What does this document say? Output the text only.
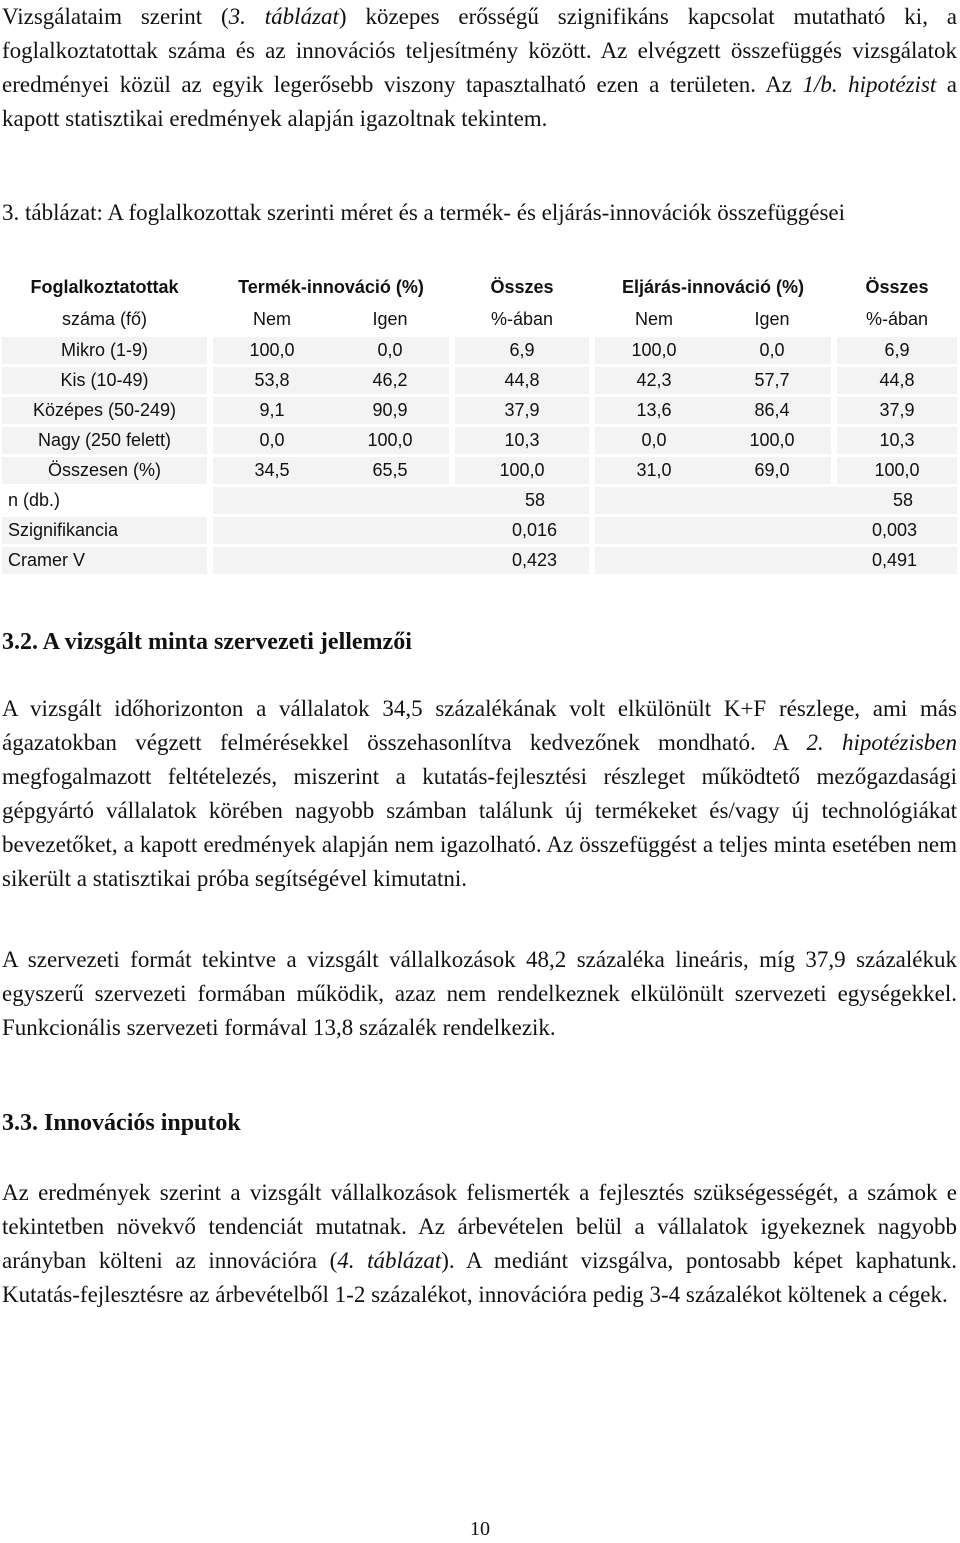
Vizsgálataim szerint (3. táblázat) közepes erősségű szignifikáns kapcsolat mutatható ki, a foglalkoztatottak száma és az innovációs teljesítmény között. Az elvégzett összefüggés vizsgálatok eredményei közül az egyik legerősebb viszony tapasztalható ezen a területen. Az 1/b. hipotézist a kapott statisztikai eredmények alapján igazoltnak tekintem.

3. táblázat: A foglalkozottak szerinti méret és a termék- és eljárás-innovációk összefüggései
Foglalkoztatottak		Termék-innováció (%)			Összes		Eljárás-innováció (%)			Összes
száma (fő)		Nem	Igen		%-ában		Nem	Igen		%-ában
Mikro (1-9)		100,0	0,0		6,9		100,0	0,0		6,9
Kis (10-49)		53,8	46,2		44,8		42,3	57,7		44,8
Középes (50-249)		9,1	90,9		37,9		13,6	86,4		37,9
Nagy (250 felett)		0,0	100,0		10,3		0,0	100,0		10,3
Összesen (%)		34,5	65,5		100,0		31,0	69,0		100,0
n (db.)		58					58			
Szignifikancia		0,016					0,003			
Cramer V		0,423					0,491			
3.2. A vizsgált minta szervezeti jellemzői

A vizsgált időhorizonton a vállalatok 34,5 százalékának volt elkülönült K+F részlege, ami más ágazatokban végzett felmérésekkel összehasonlítva kedvezőnek mondható. A 2. hipotézisben megfogalmazott feltételezés, miszerint a kutatás-fejlesztési részleget működtető mezőgazdasági gépgyártó vállalatok körében nagyobb számban találunk új termékeket és/vagy új technológiákat bevezetőket, a kapott eredmények alapján nem igazolható. Az összefüggést a teljes minta esetében nem sikerült a statisztikai próba segítségével kimutatni.

A szervezeti formát tekintve a vizsgált vállalkozások 48,2 százaléka lineáris, míg 37,9 százalékuk egyszerű szervezeti formában működik, azaz nem rendelkeznek elkülönült szervezeti egységekkel. Funkcionális szervezeti formával 13,8 százalék rendelkezik.

3.3. Innovációs inputok

Az eredmények szerint a vizsgált vállalkozások felismerték a fejlesztés szükségességét, a számok e tekintetben növekvő tendenciát mutatnak. Az árbevételen belül a vállalatok igyekeznek nagyobb arányban költeni az innovációra (4. táblázat). A mediánt vizsgálva, pontosabb képet kaphatunk. Kutatás-fejlesztésre az árbevételből 1-2 százalékot, innovációra pedig 3-4 százalékot költenek a cégek.

10
